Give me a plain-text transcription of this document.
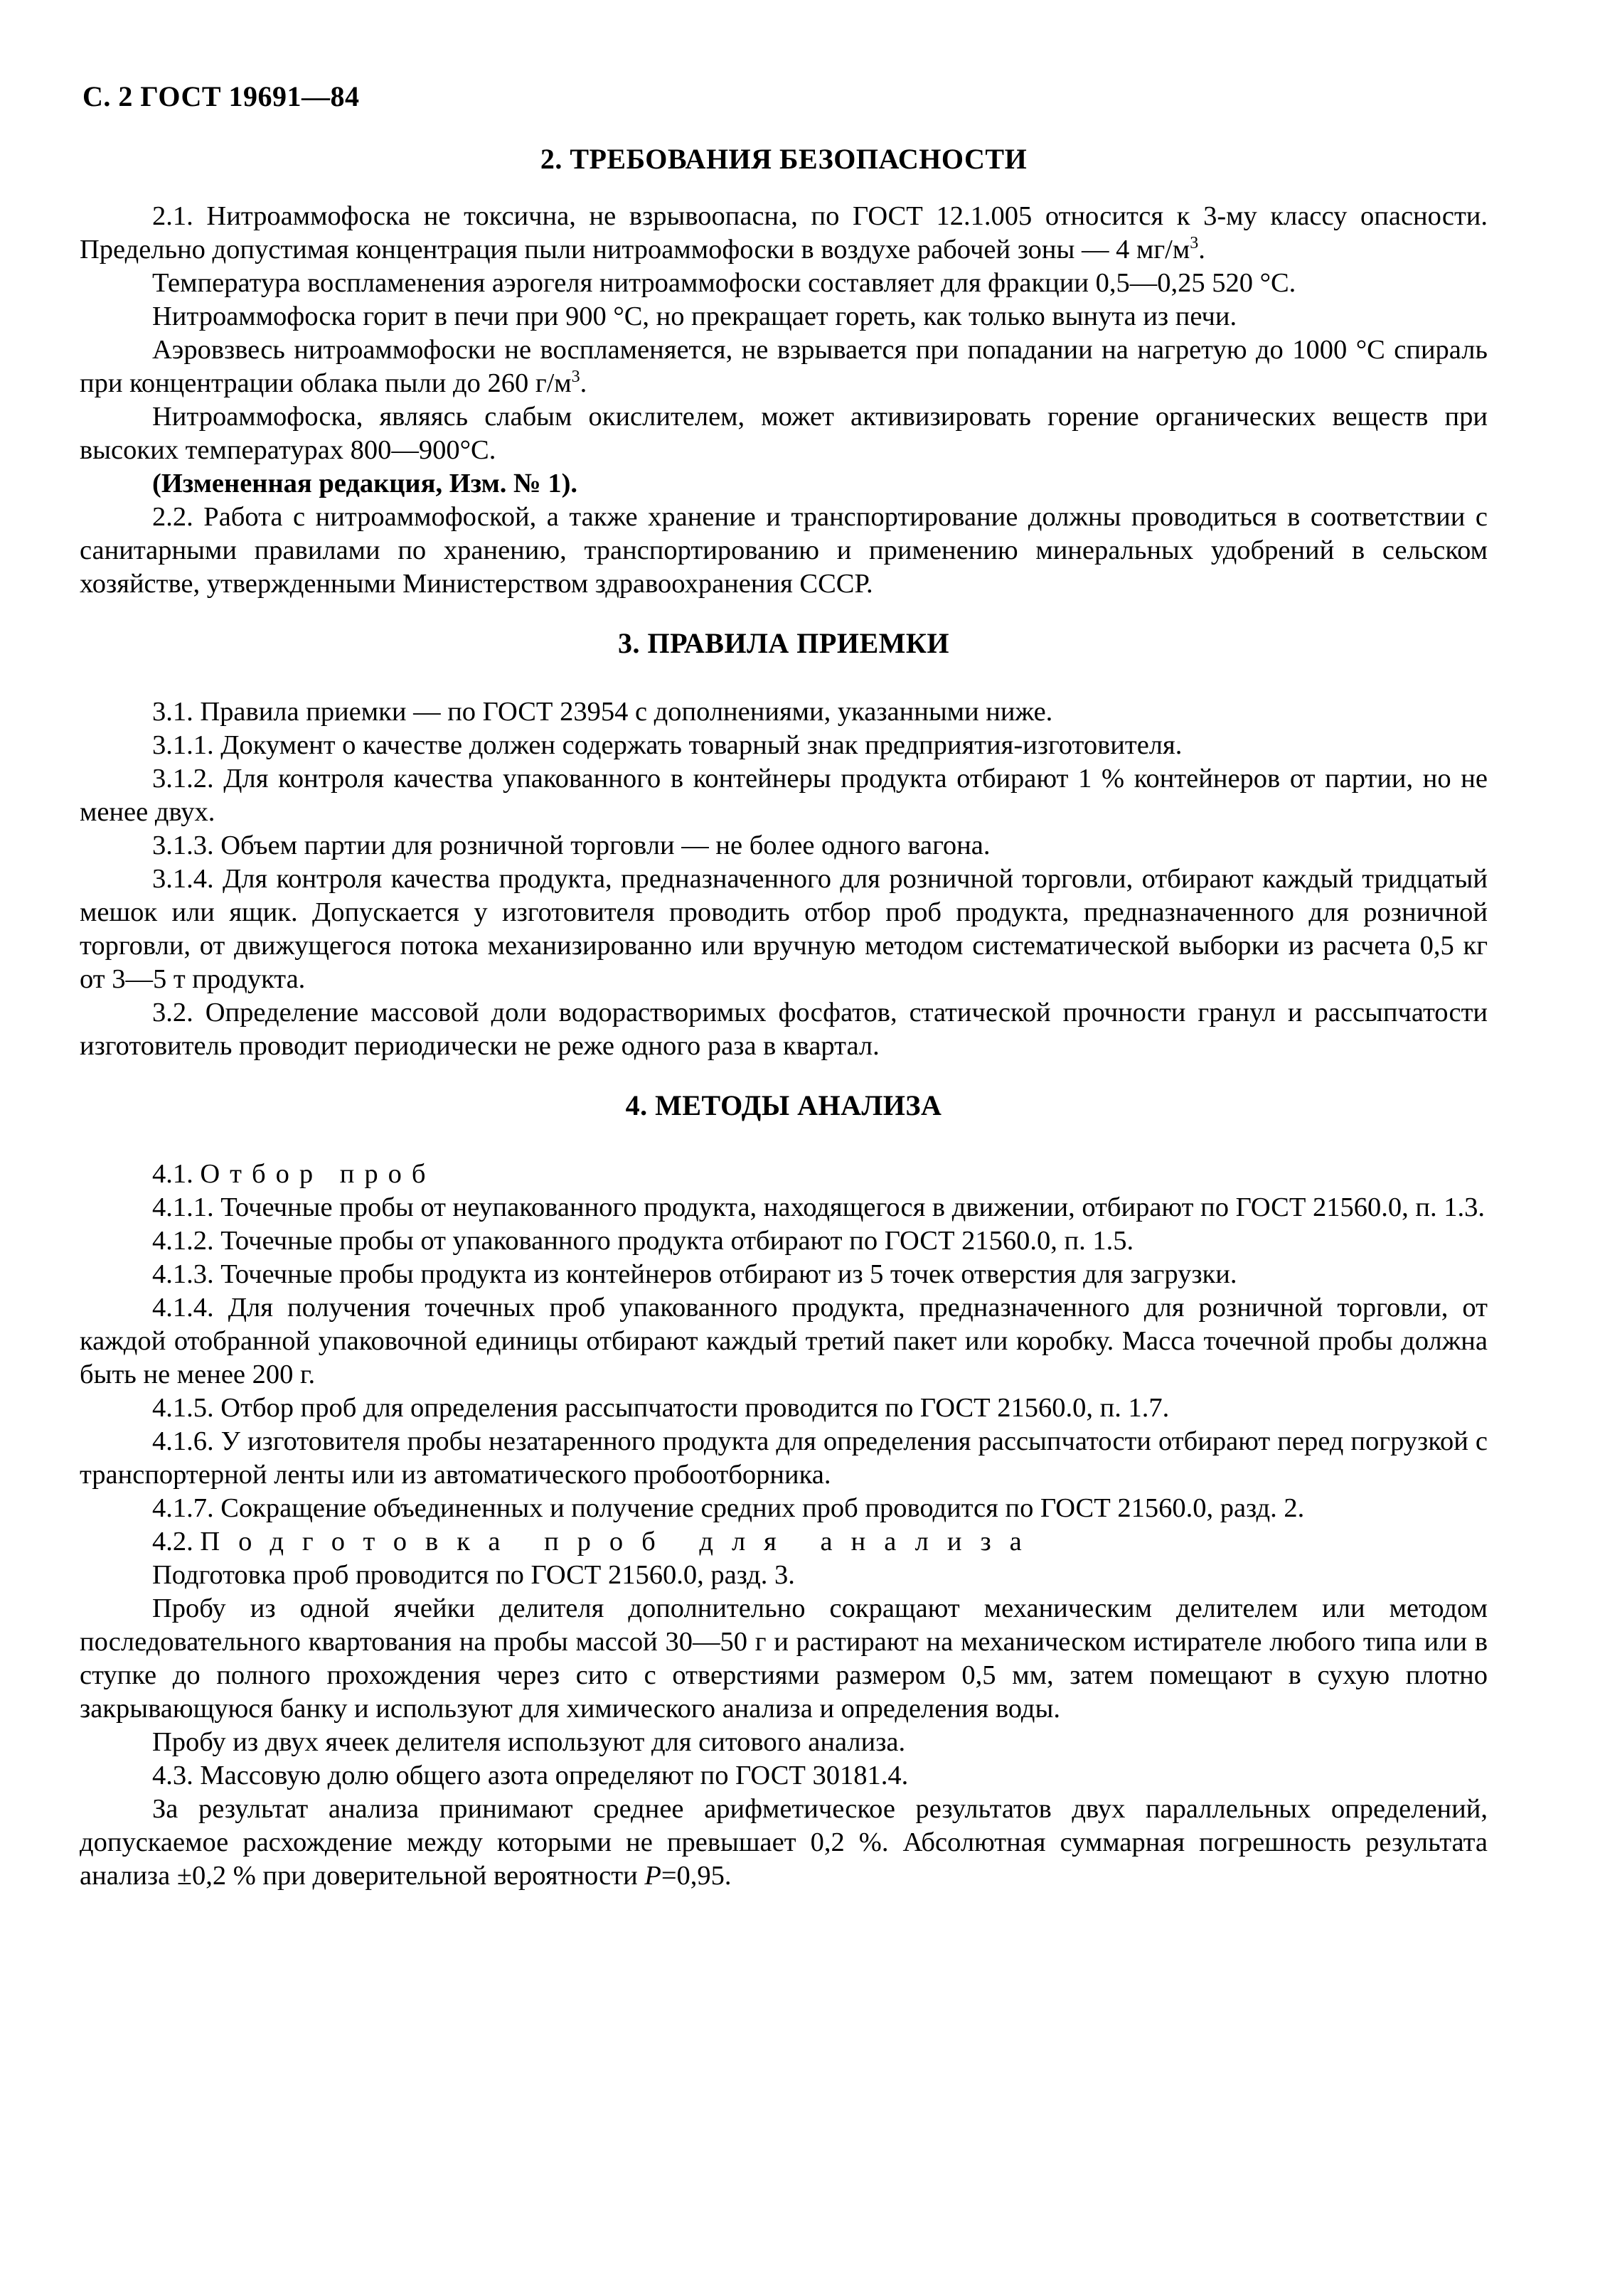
С. 2 ГОСТ 19691—84
2. ТРЕБОВАНИЯ БЕЗОПАСНОСТИ

2.1. Нитроаммофоска не токсична, не взрывоопасна, по ГОСТ 12.1.005 относится к 3-му классу опасности. Предельно допустимая концентрация пыли нитроаммофоски в воздухе рабочей зоны — 4 $мг/м^3$.

Температура воспламенения аэрогеля нитроаммофоски составляет для фракции 0,5—0,25 520 °С.

Нитроаммофоска горит в печи при 900 °С, но прекращает гореть, как только вынута из печи.

Аэровзвесь нитроаммофоски не воспламеняется, не взрывается при попадании на нагретую до 1000 °С спираль при концентрации облака пыли до 260 $г/м^3$.

Нитроаммофоска, являясь слабым окислителем, может активизировать горение органических веществ при высоких температурах 800—900°С.

(Измененная редакция, Изм. № 1).

2.2. Работа с нитроаммофоской, а также хранение и транспортирование должны проводиться в соответствии с санитарными правилами по хранению, транспортированию и применению минеральных удобрений в сельском хозяйстве, утвержденными Министерством здравоохранения СССР.

3. ПРАВИЛА ПРИЕМКИ

3.1. Правила приемки — по ГОСТ 23954 с дополнениями, указанными ниже.

3.1.1. Документ о качестве должен содержать товарный знак предприятия-изготовителя.

3.1.2. Для контроля качества упакованного в контейнеры продукта отбирают 1 % контейнеров от партии, но не менее двух.

3.1.3. Объем партии для розничной торговли — не более одного вагона.

3.1.4. Для контроля качества продукта, предназначенного для розничной торговли, отбирают каждый тридцатый мешок или ящик. Допускается у изготовителя проводить отбор проб продукта, предназначенного для розничной торговли, от движущегося потока механизированно или вручную методом систематической выборки из расчета 0,5 кг от 3—5 т продукта.

3.2. Определение массовой доли водорастворимых фосфатов, статической прочности гранул и рассыпчатости изготовитель проводит периодически не реже одного раза в квартал.

4. МЕТОДЫ АНАЛИЗА

4.1. Отбор проб

4.1.1. Точечные пробы от неупакованного продукта, находящегося в движении, отбирают по ГОСТ 21560.0, п. 1.3.

4.1.2. Точечные пробы от упакованного продукта отбирают по ГОСТ 21560.0, п. 1.5.

4.1.3. Точечные пробы продукта из контейнеров отбирают из 5 точек отверстия для загрузки.

4.1.4. Для получения точечных проб упакованного продукта, предназначенного для розничной торговли, от каждой отобранной упаковочной единицы отбирают каждый третий пакет или коробку. Масса точечной пробы должна быть не менее 200 г.

4.1.5. Отбор проб для определения рассыпчатости проводится по ГОСТ 21560.0, п. 1.7.

4.1.6. У изготовителя пробы незатаренного продукта для определения рассыпчатости отбирают перед погрузкой с транспортерной ленты или из автоматического пробоотборника.

4.1.7. Сокращение объединенных и получение средних проб проводится по ГОСТ 21560.0, разд. 2.

4.2. Подготовка проб для анализа

Подготовка проб проводится по ГОСТ 21560.0, разд. 3.

Пробу из одной ячейки делителя дополнительно сокращают механическим делителем или методом последовательного квартования на пробы массой 30—50 г и растирают на механическом истирателе любого типа или в ступке до полного прохождения через сито с отверстиями размером 0,5 мм, затем помещают в сухую плотно закрывающуюся банку и используют для химического анализа и определения воды.

Пробу из двух ячеек делителя используют для ситового анализа.

4.3. Массовую долю общего азота определяют по ГОСТ 30181.4.

За результат анализа принимают среднее арифметическое результатов двух параллельных определений, допускаемое расхождение между которыми не превышает 0,2 %. Абсолютная суммарная погрешность результата анализа ±0,2 % при доверительной вероятности Р=0,95.
